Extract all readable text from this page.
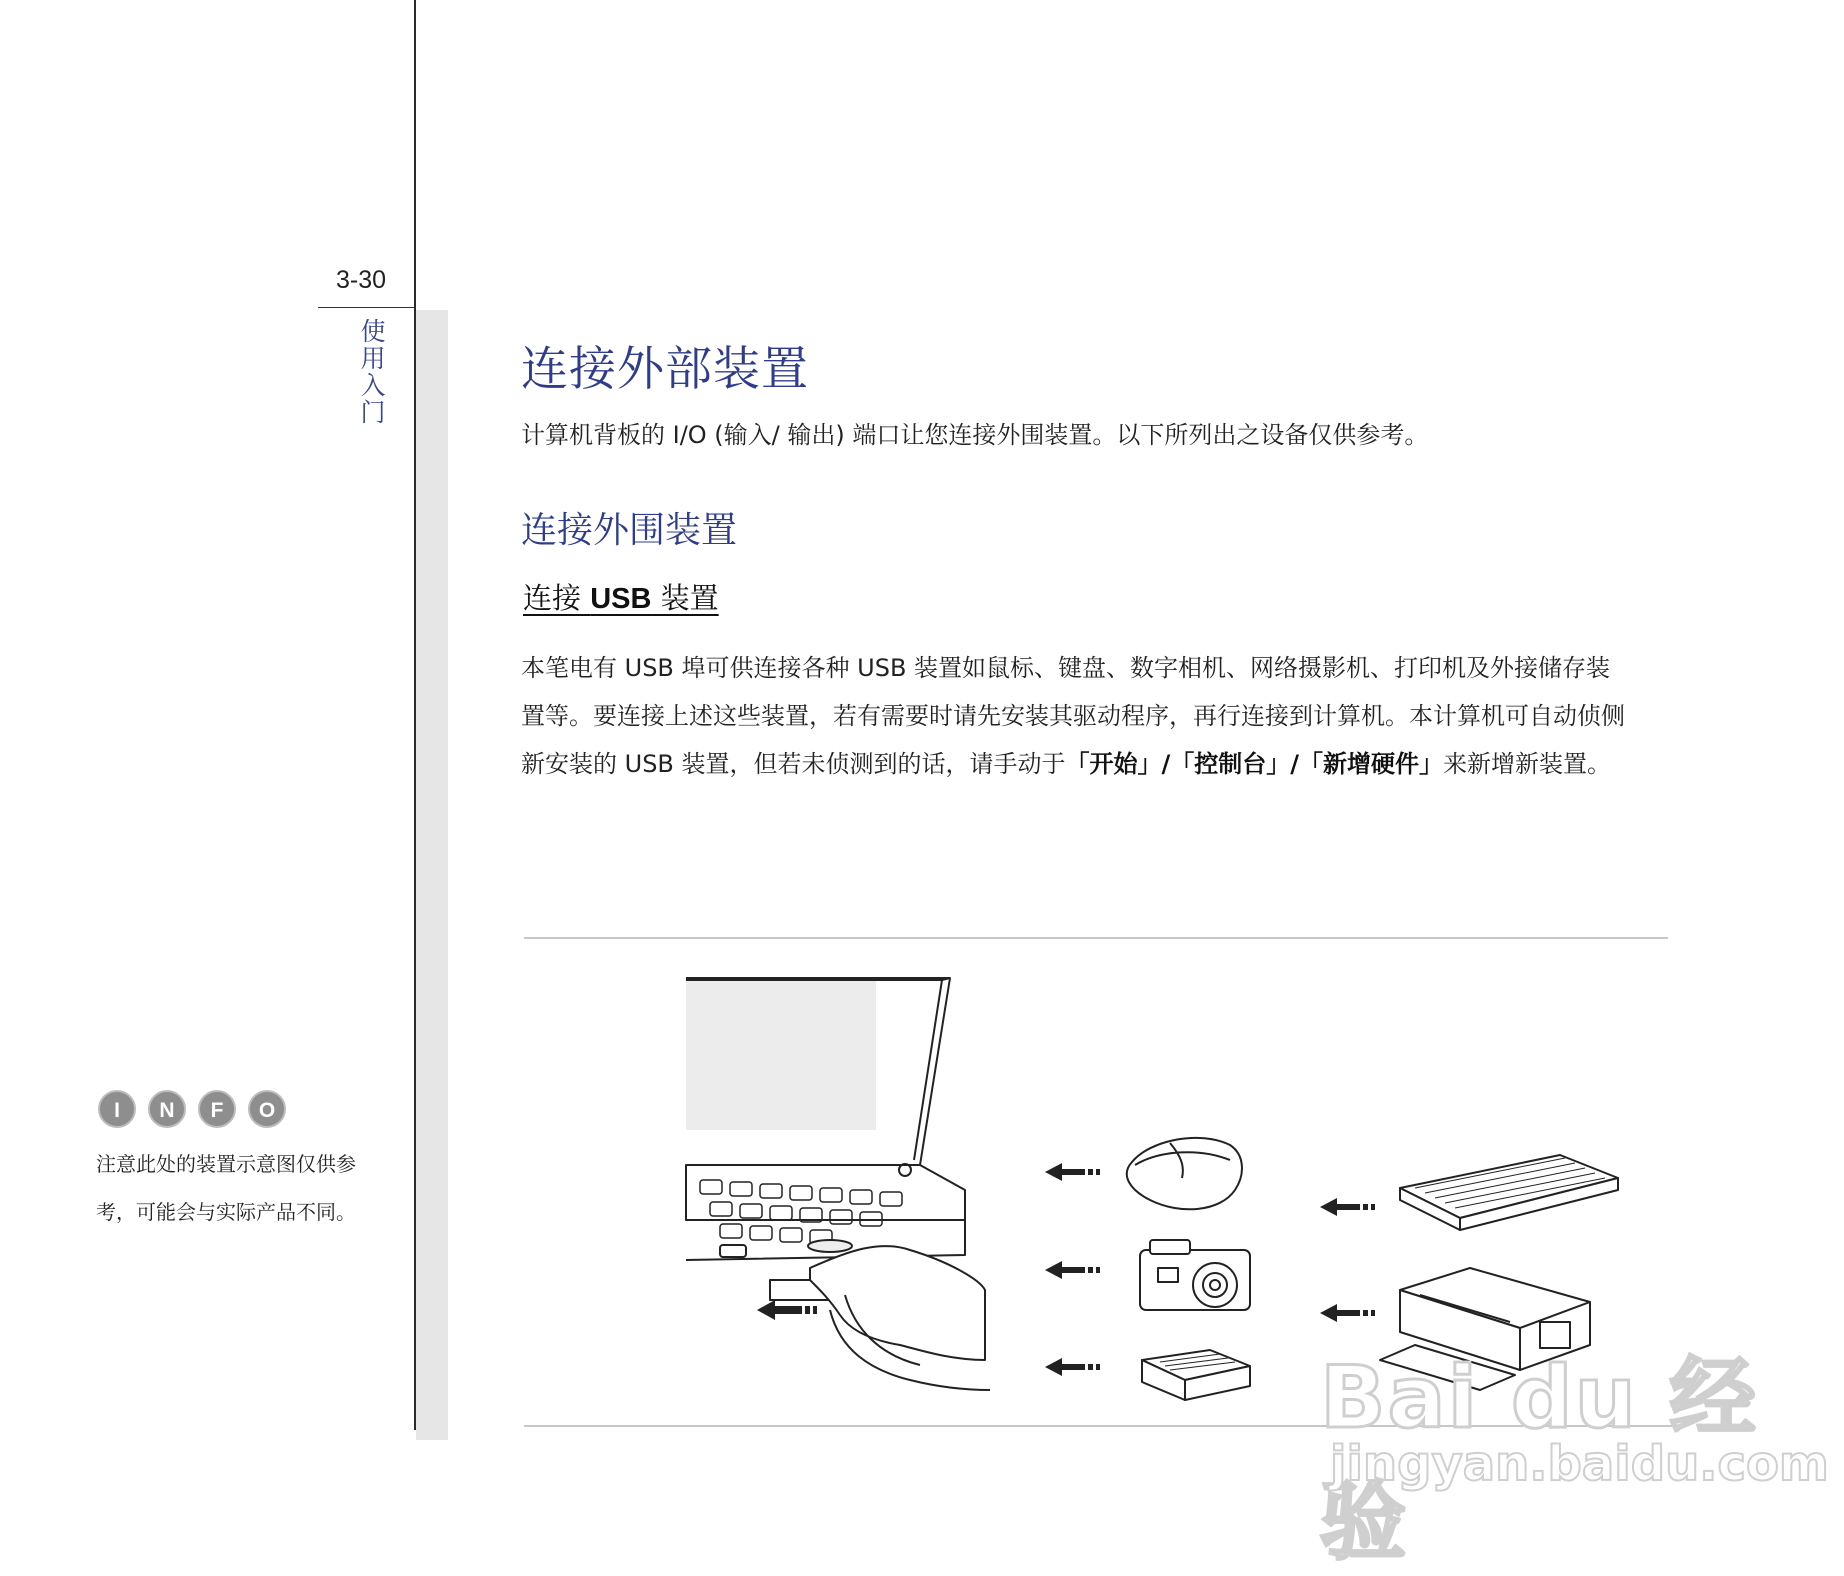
3-30
使
用
入
门
连接外部装置
计算机背板的 I/O (输入/ 输出) 端口让您连接外围装置。以下所列出之设备仅供参考。
连接外围装置
连接 USB 装置
本笔电有 USB 埠可供连接各种 USB 装置如鼠标、键盘、数字相机、网络摄影机、打印机及外接储存装置等。要连接上述这些装置，若有需要时请先安装其驱动程序，再行连接到计算机。本计算机可自动侦侧新安装的 USB 装置，但若未侦测到的话，请手动于「开始」/「控制台」/「新增硬件」来新增新装置。
I	N	F	O
注意此处的装置示意图仅供参
考，可能会与实际产品不同。
Bai du 经验
jingyan.baidu.com
